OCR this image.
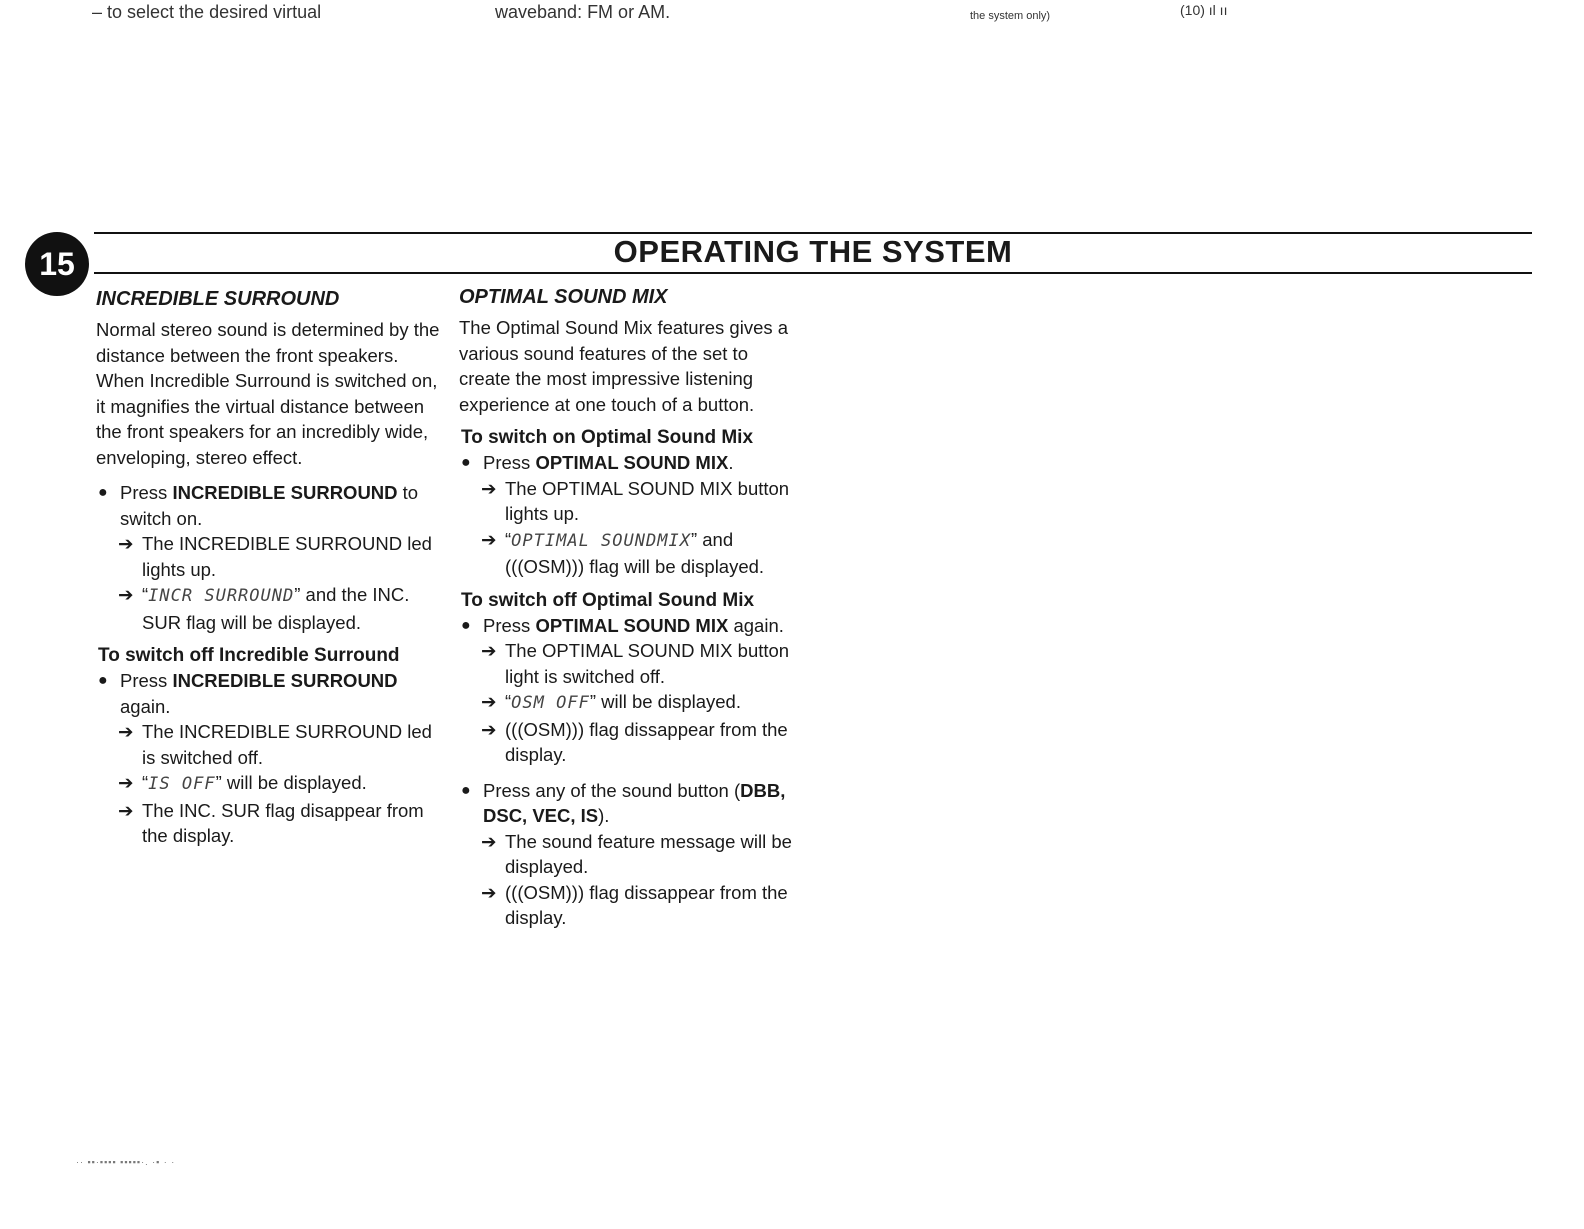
– to select the desired virtual	waveband: FM or AM.	the system only)	(10) ıl ıı
15	OPERATING THE SYSTEM
INCREDIBLE SURROUND

Normal stereo sound is determined by the distance between the front speakers. When Incredible Surround is switched on, it magnifies the virtual distance between the front speakers for an incredibly wide, enveloping, stereo effect.

● Press INCREDIBLE SURROUND to switch on.
➔ The INCREDIBLE SURROUND led lights up.
➔ “INCR SURROUND” and the INC. SUR flag will be displayed.
To switch off Incredible Surround
● Press INCREDIBLE SURROUND again.
➔ The INCREDIBLE SURROUND led is switched off.
➔ “IS OFF” will be displayed.
➔ The INC. SUR flag disappear from the display.
OPTIMAL SOUND MIX

The Optimal Sound Mix features gives a various sound features of the set to create the most impressive listening experience at one touch of a button.

To switch on Optimal Sound Mix
● Press OPTIMAL SOUND MIX.
➔ The OPTIMAL SOUND MIX button lights up.
➔ “OPTIMAL SOUNDMIX” and (((OSM))) flag will be displayed.
To switch off Optimal Sound Mix
● Press OPTIMAL SOUND MIX again.
➔ The OPTIMAL SOUND MIX button light is switched off.
➔ “OSM OFF” will be displayed.
➔ (((OSM))) flag dissappear from the display.
● Press any of the sound button (DBB, DSC, VEC, IS).
➔ The sound feature message will be displayed.
➔ (((OSM))) flag dissappear from the display.
·· ▪▪·▪▪▪▪ ▪▪▪▪▪·. ·▪ · ·
